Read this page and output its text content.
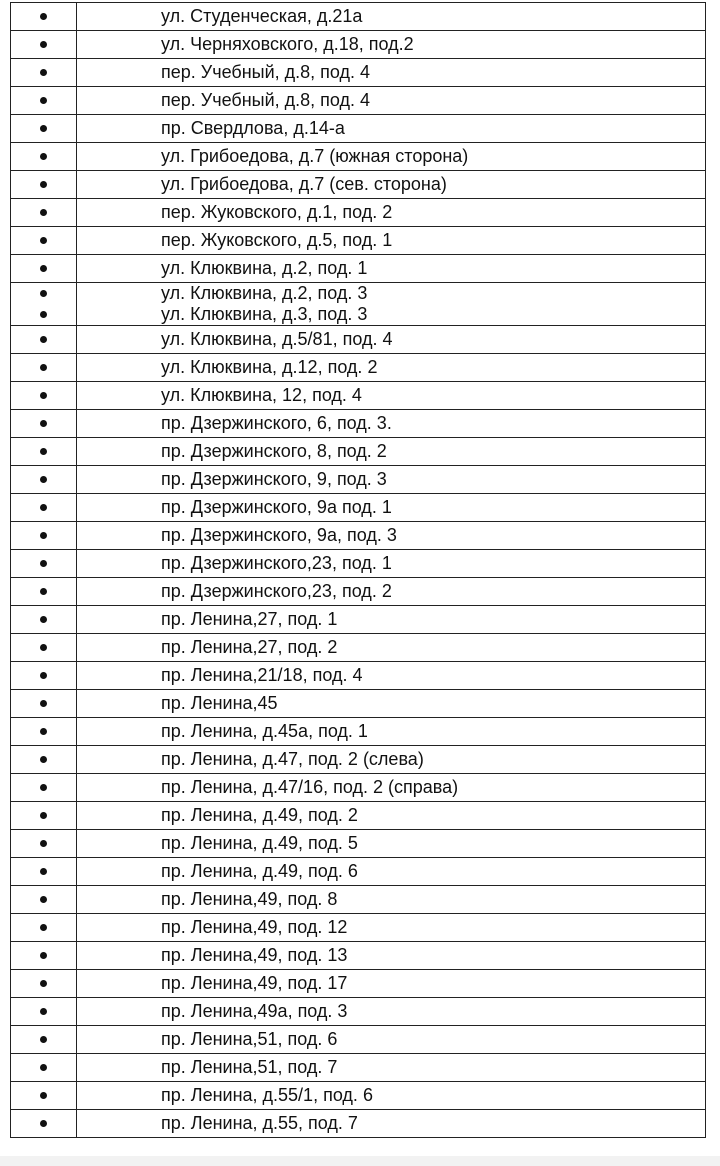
	ул. Студенческая, д.21а
	ул. Черняховского, д.18, под.2
	пер. Учебный, д.8, под. 4
	пер. Учебный, д.8, под. 4
	пр. Свердлова, д.14-а
	ул. Грибоедова, д.7 (южная сторона)
	ул. Грибоедова, д.7 (сев. сторона)
	пер. Жуковского, д.1, под. 2
	пер. Жуковского, д.5, под. 1
	ул. Клюквина, д.2, под. 1
	ул. Клюквина, д.2, под. 3
	ул. Клюквина, д.3, под. 3
	ул. Клюквина, д.5/81, под. 4
	ул. Клюквина, д.12, под. 2
	ул. Клюквина, 12, под. 4
	пр. Дзержинского, 6, под. 3.
	пр. Дзержинского, 8, под. 2
	пр. Дзержинского, 9, под. 3
	пр. Дзержинского, 9а под. 1
	пр. Дзержинского, 9а, под. 3
	пр. Дзержинского,23, под. 1
	пр. Дзержинского,23, под. 2
	пр. Ленина,27, под. 1
	пр. Ленина,27, под. 2
	пр. Ленина,21/18, под. 4
	пр. Ленина,45
	пр. Ленина, д.45а, под. 1
	пр. Ленина, д.47, под. 2 (слева)
	пр. Ленина, д.47/16, под. 2 (справа)
	пр. Ленина, д.49, под. 2
	пр. Ленина, д.49, под. 5
	пр. Ленина, д.49, под. 6
	пр. Ленина,49, под. 8
	пр. Ленина,49, под. 12
	пр. Ленина,49, под. 13
	пр. Ленина,49, под. 17
	пр. Ленина,49а, под. 3
	пр. Ленина,51, под. 6
	пр. Ленина,51, под. 7
	пр. Ленина, д.55/1, под. 6
	пр. Ленина, д.55, под. 7
